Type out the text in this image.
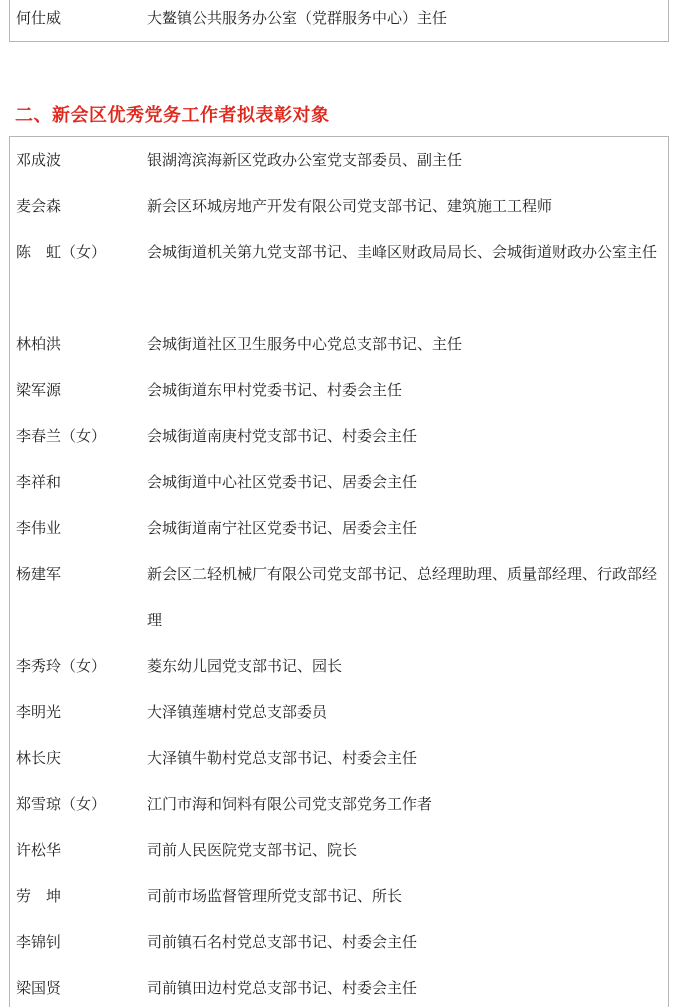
何仕威	大鳌镇公共服务办公室（党群服务中心）主任
二、新会区优秀党务工作者拟表彰对象
邓成波	银湖湾滨海新区党政办公室党支部委员、副主任
麦会森	新会区环城房地产开发有限公司党支部书记、建筑施工工程师
陈　虹（女）	会城街道机关第九党支部书记、圭峰区财政局局长、会城街道财政办公室主任
林柏洪	会城街道社区卫生服务中心党总支部书记、主任
梁军源	会城街道东甲村党委书记、村委会主任
李春兰（女）	会城街道南庚村党支部书记、村委会主任
李祥和	会城街道中心社区党委书记、居委会主任
李伟业	会城街道南宁社区党委书记、居委会主任
杨建军	新会区二轻机械厂有限公司党支部书记、总经理助理、质量部经理、行政部经理
李秀玲（女）	菱东幼儿园党支部书记、园长
李明光	大泽镇莲塘村党总支部委员
林长庆	大泽镇牛勒村党总支部书记、村委会主任
郑雪琼（女）	江门市海和饲料有限公司党支部党务工作者
许松华	司前人民医院党支部书记、院长
劳　坤	司前市场监督管理所党支部书记、所长
李锦钊	司前镇石名村党总支部书记、村委会主任
梁国贤	司前镇田边村党总支部书记、村委会主任
